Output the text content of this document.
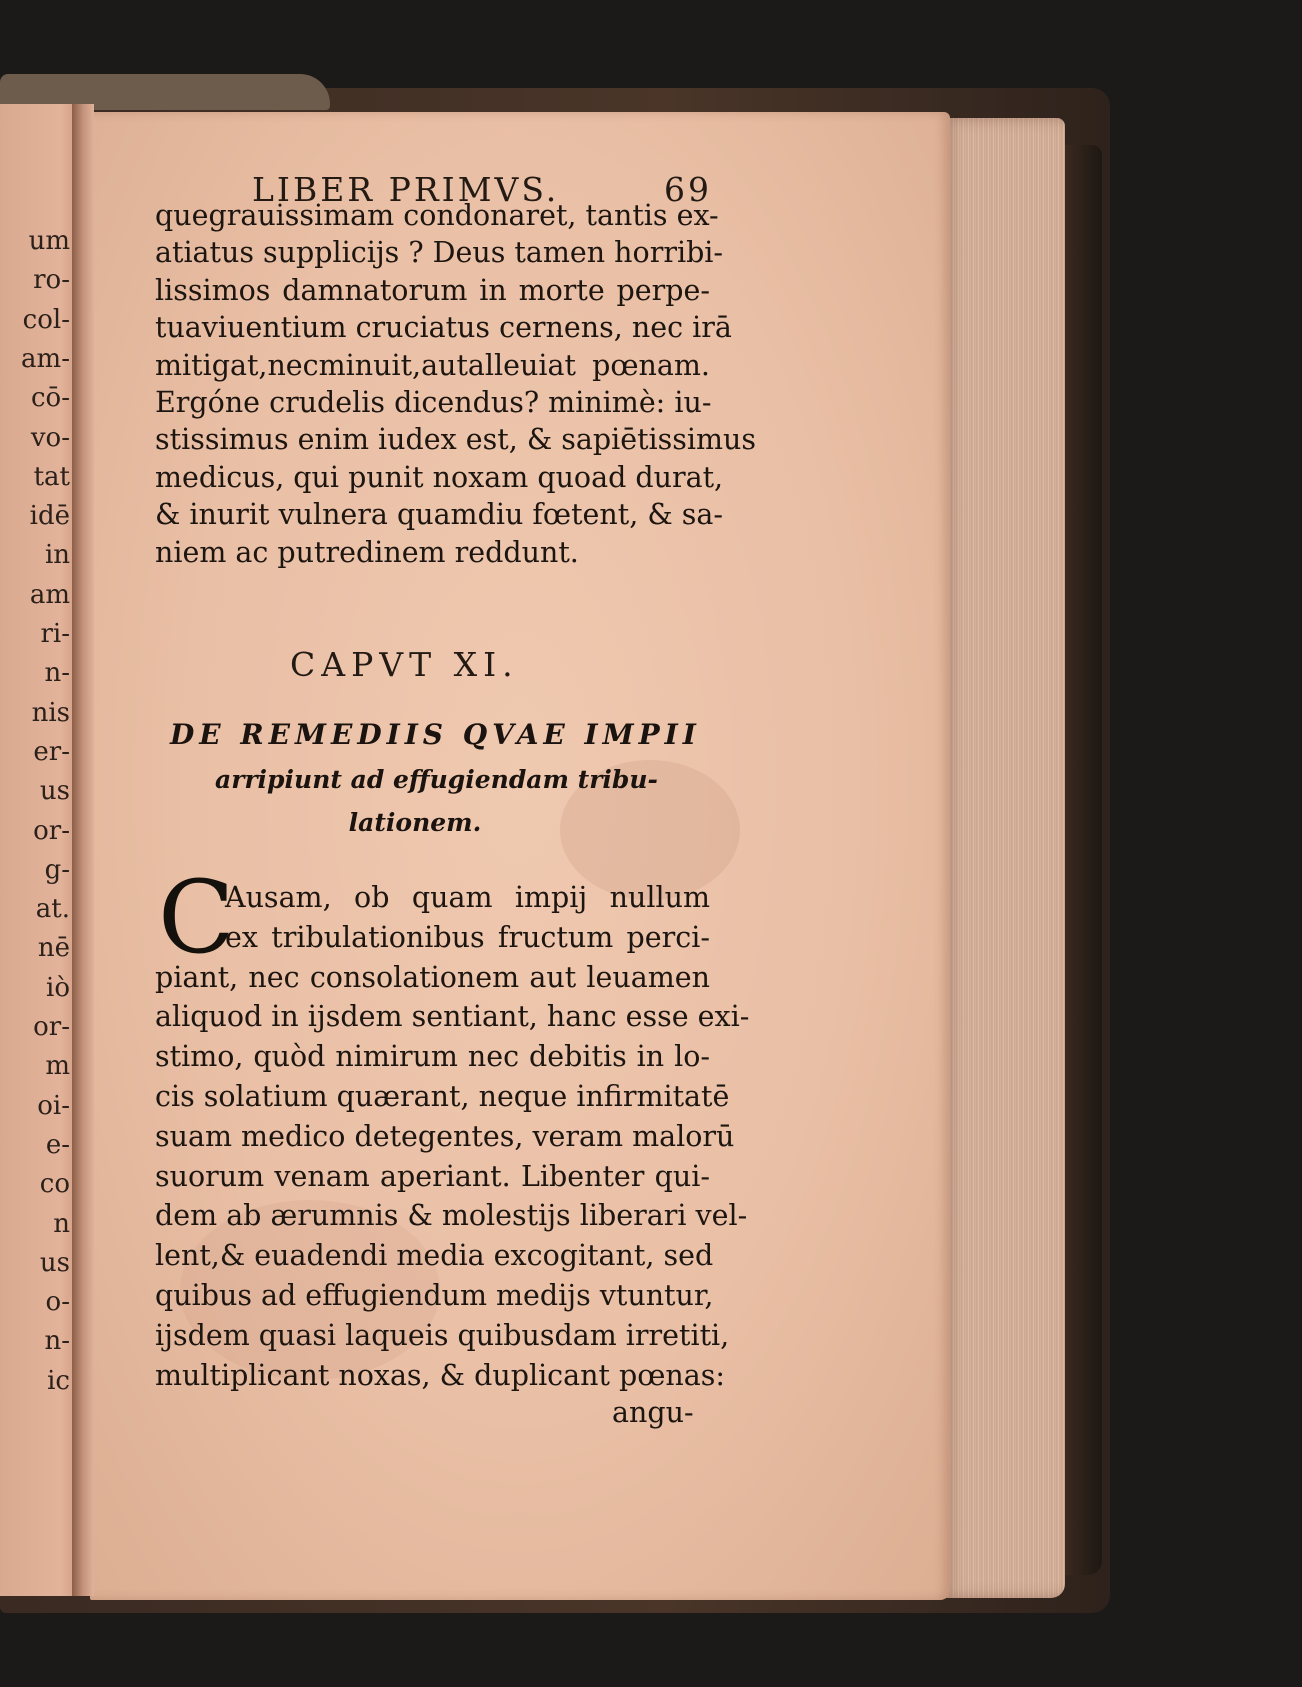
um
ro-
col-
am-
cō-
vo-
tat
idē
in
am
ri-
n-
nis
er-
us
or-
g-
at.
nē
iò
or-
m
oi-
e-
co
n
us
o-
n-
ic
LIBER PRIMVS.	69
quegrauissimam condonaret, tantis ex-
atiatus supplicijs ? Deus tamen horribi-
lissimos damnatorum in morte perpe-
tuaviuentium cruciatus cernens, nec irā
mitigat,necminuit,autalleuiat pœnam.
Ergóne crudelis dicendus? minimè: iu-
stissimus enim iudex est, & sapiētissimus
medicus, qui punit noxam quoad durat,
& inurit vulnera quamdiu fœtent, & sa-
niem ac putredinem reddunt.
CAPVT XI.
DE REMEDIIS QVAE IMPII
arripiunt ad effugiendam tribu-
lationem.
C
Ausam, ob quam impij nullum
ex tribulationibus fructum perci-
piant, nec consolationem aut leuamen
aliquod in ijsdem sentiant, hanc esse exi-
stimo, quòd nimirum nec debitis in lo-
cis solatium quærant, neque infirmitatē
suam medico detegentes, veram malorū
suorum venam aperiant. Libenter qui-
dem ab ærumnis & molestijs liberari vel-
lent,& euadendi media excogitant, sed
quibus ad effugiendum medijs vtuntur,
ijsdem quasi laqueis quibusdam irretiti,
multiplicant noxas, & duplicant pœnas:
angu-
